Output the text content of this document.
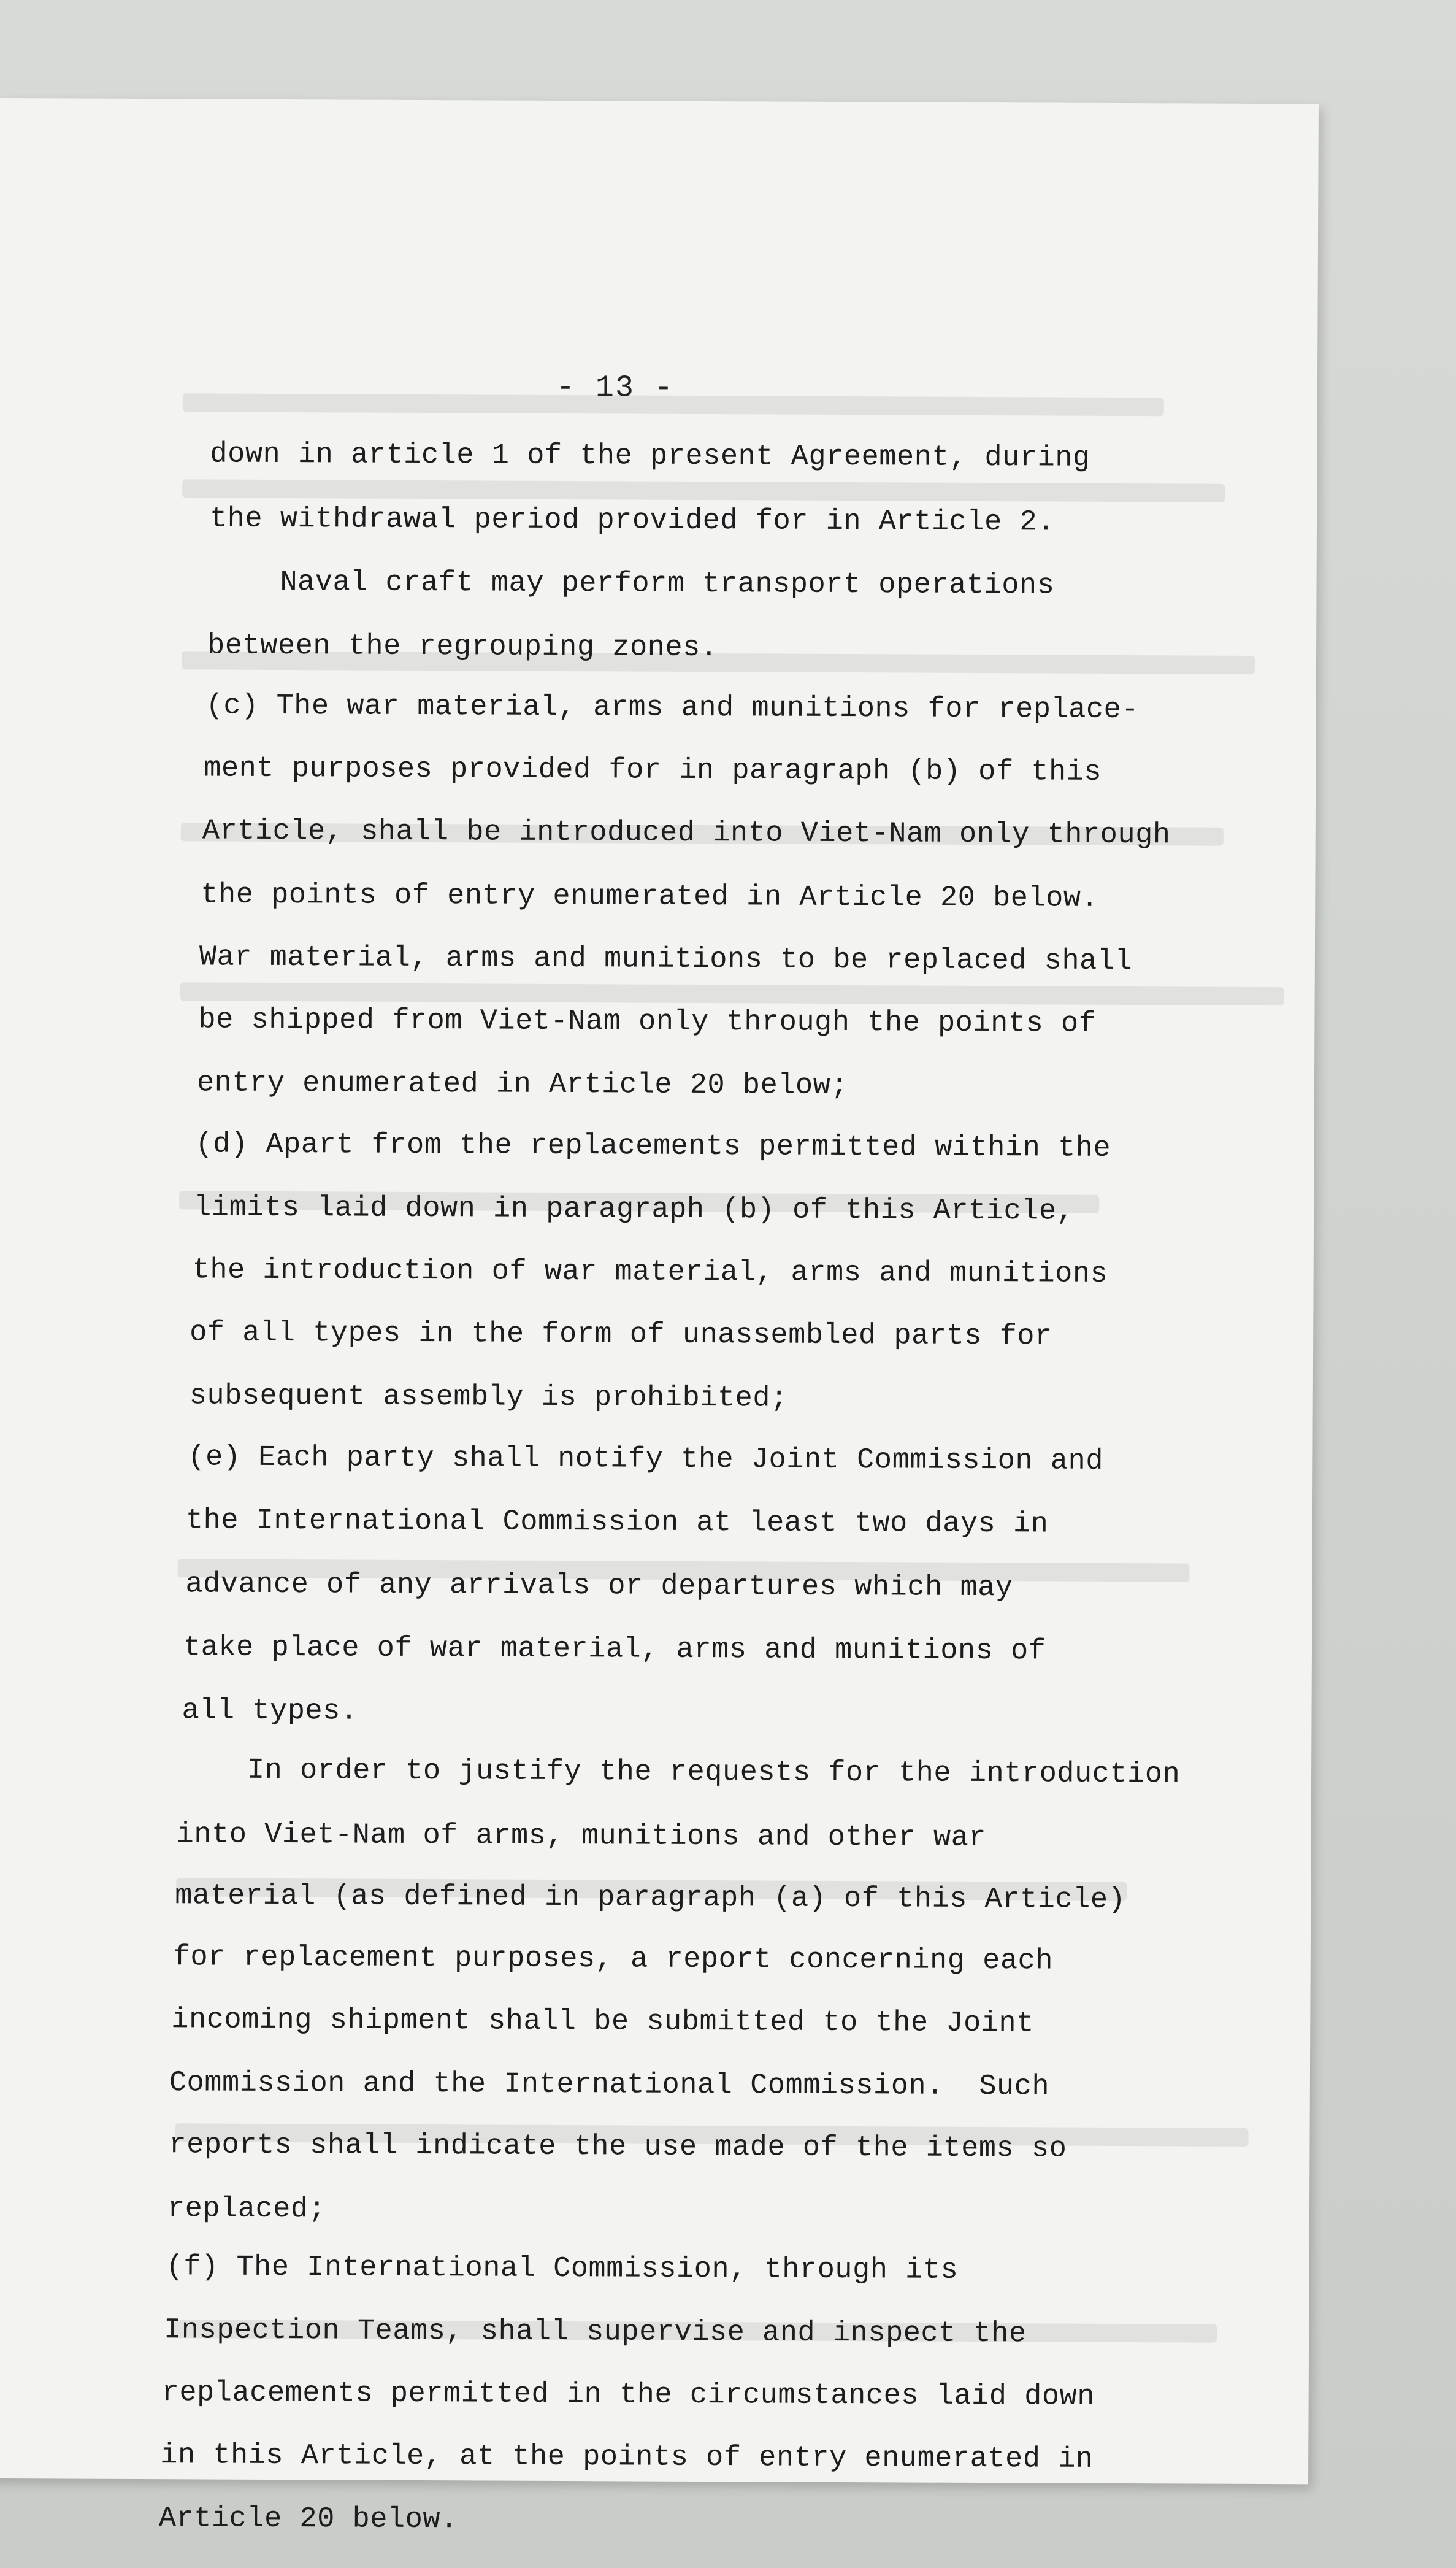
- 13 -
down in article 1 of the present Agreement, during
the withdrawal period provided for in Article 2.
Naval craft may perform transport operations
between the regrouping zones.
(c) The war material, arms and munitions for replace-
ment purposes provided for in paragraph (b) of this
Article, shall be introduced into Viet-Nam only through
the points of entry enumerated in Article 20 below.
War material, arms and munitions to be replaced shall
be shipped from Viet-Nam only through the points of
entry enumerated in Article 20 below;
(d) Apart from the replacements permitted within the
limits laid down in paragraph (b) of this Article,
the introduction of war material, arms and munitions
of all types in the form of unassembled parts for
subsequent assembly is prohibited;
(e) Each party shall notify the Joint Commission and
the International Commission at least two days in
advance of any arrivals or departures which may
take place of war material, arms and munitions of
all types.
In order to justify the requests for the introduction
into Viet-Nam of arms, munitions and other war
material (as defined in paragraph (a) of this Article)
for replacement purposes, a report concerning each
incoming shipment shall be submitted to the Joint
Commission and the International Commission.  Such
reports shall indicate the use made of the items so
replaced;
(f) The International Commission, through its
Inspection Teams, shall supervise and inspect the
replacements permitted in the circumstances laid down
in this Article, at the points of entry enumerated in
Article 20 below.
